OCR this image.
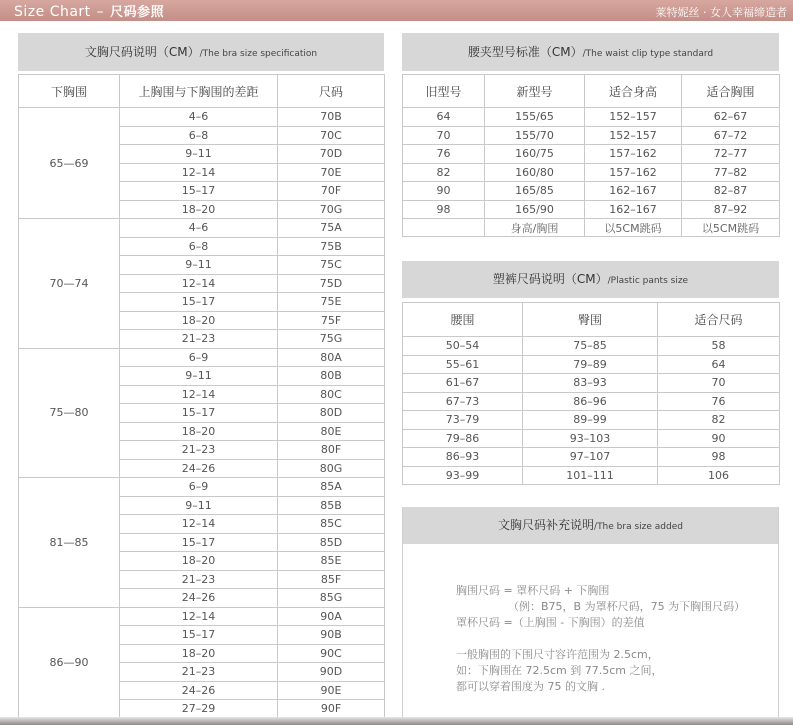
Size Chart – 尺码参照	莱特妮丝 · 女人幸福缔造者
文胸尺码说明（CM）/The bra size specification
下胸围	上胸围与下胸围的差距	尺码
65—69	4–6	70B
	6–8	70C
	9–11	70D
	12–14	70E
	15–17	70F
	18–20	70G
70—74	4–6	75A
	6–8	75B
	9–11	75C
	12–14	75D
	15–17	75E
	18–20	75F
	21–23	75G
75—80	6–9	80A
	9–11	80B
	12–14	80C
	15–17	80D
	18–20	80E
	21–23	80F
	24–26	80G
81—85	6–9	85A
	9–11	85B
	12–14	85C
	15–17	85D
	18–20	85E
	21–23	85F
	24–26	85G
86—90	12–14	90A
	15–17	90B
	18–20	90C
	21–23	90D
	24–26	90E
	27–29	90F
腰夹型号标准（CM）/The waist clip type standard
旧型号	新型号	适合身高	适合胸围
64	155/65	152–157	62–67
70	155/70	152–157	67–72
76	160/75	157–162	72–77
82	160/80	157–162	77–82
90	165/85	162–167	82–87
98	165/90	162–167	87–92
	身高/胸围	以5CM跳码	以5CM跳码
塑裤尺码说明（CM）/Plastic pants size
腰围	臀围	适合尺码
50–54	75–85	58
55–61	79–89	64
61–67	83–93	70
67–73	86–96	76
73–79	89–99	82
79–86	93–103	90
86–93	97–107	98
93–99	101–111	106
文胸尺码补充说明/The bra size added
胸围尺码 = 罩杯尺码 + 下胸围
（例：B75，B 为罩杯尺码，75 为下胸围尺码）
罩杯尺码 =（上胸围 - 下胸围）的差值
一般胸围的下围尺寸容许范围为 2.5cm，
如：下胸围在 72.5cm 到 77.5cm 之间，
都可以穿着围度为 75 的文胸 .
